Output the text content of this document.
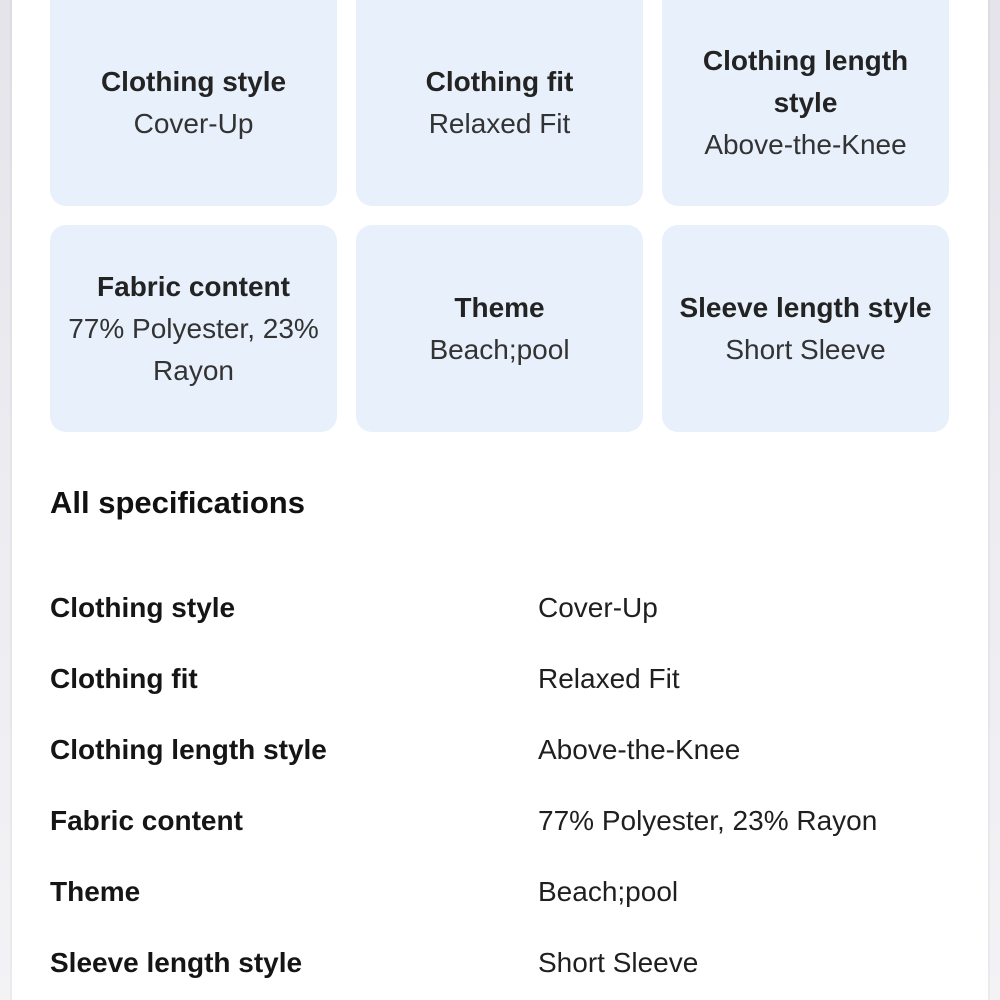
Clothing style
Cover-Up
Clothing fit
Relaxed Fit
Clothing length style
Above-the-Knee
Fabric content
77% Polyester, 23% Rayon
Theme
Beach;pool
Sleeve length style
Short Sleeve
All specifications
Clothing style	Cover-Up
Clothing fit	Relaxed Fit
Clothing length style	Above-the-Knee
Fabric content	77% Polyester, 23% Rayon
Theme	Beach;pool
Sleeve length style	Short Sleeve
